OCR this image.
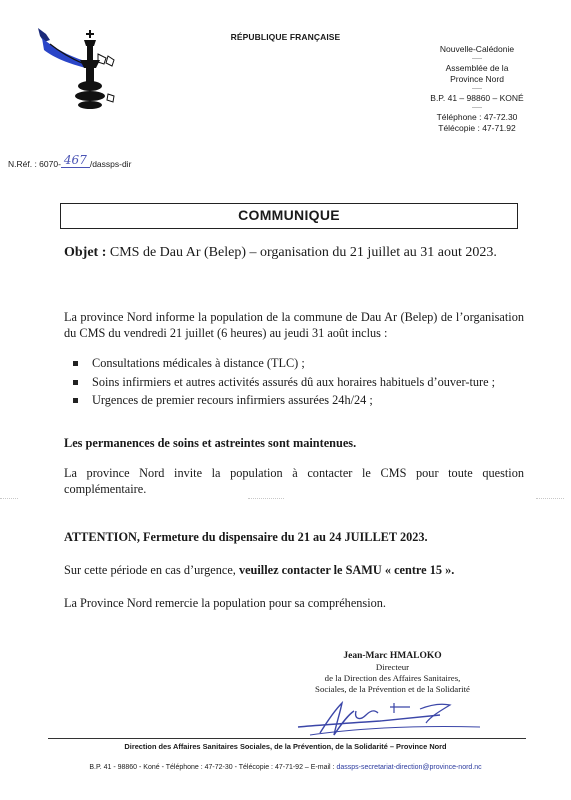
RÉPUBLIQUE FRANÇAISE
Nouvelle-Calédonie
-----
Assemblée de la
Province Nord
-----
B.P. 41 – 98860 – KONÉ
-----
Téléphone : 47-72.30
Télécopie : 47-71.92
N.Réf. : 6070- 467 /dassps-dir
COMMUNIQUE
Objet : CMS de Dau Ar (Belep) – organisation du 21 juillet au 31 aout 2023.
La province Nord informe la population de la commune de Dau Ar (Belep) de l’organisation du CMS du vendredi 21 juillet (6 heures) au jeudi 31 août inclus :
Consultations médicales à distance (TLC) ;
Soins infirmiers et autres activités assurés dû aux horaires habituels d’ouver-ture ;
Urgences de premier recours infirmiers assurées 24h/24 ;
Les permanences de soins et astreintes sont maintenues.
La province Nord invite la population à contacter le CMS pour toute question complémentaire.
ATTENTION, Fermeture du dispensaire du 21 au 24 JUILLET 2023.
Sur cette période en cas d’urgence, veuillez contacter le SAMU « centre 15 ».
La Province Nord remercie la population pour sa compréhension.
Jean-Marc HMALOKO
Directeur
de la Direction des Affaires Sanitaires,
Sociales, de la Prévention et de la Solidarité
Direction des Affaires Sanitaires Sociales, de la Prévention, de la Solidarité – Province Nord
B.P. 41 - 98860 - Koné - Téléphone : 47-72-30 - Télécopie : 47-71-92 – E-mail : dassps-secretariat-direction@province-nord.nc
